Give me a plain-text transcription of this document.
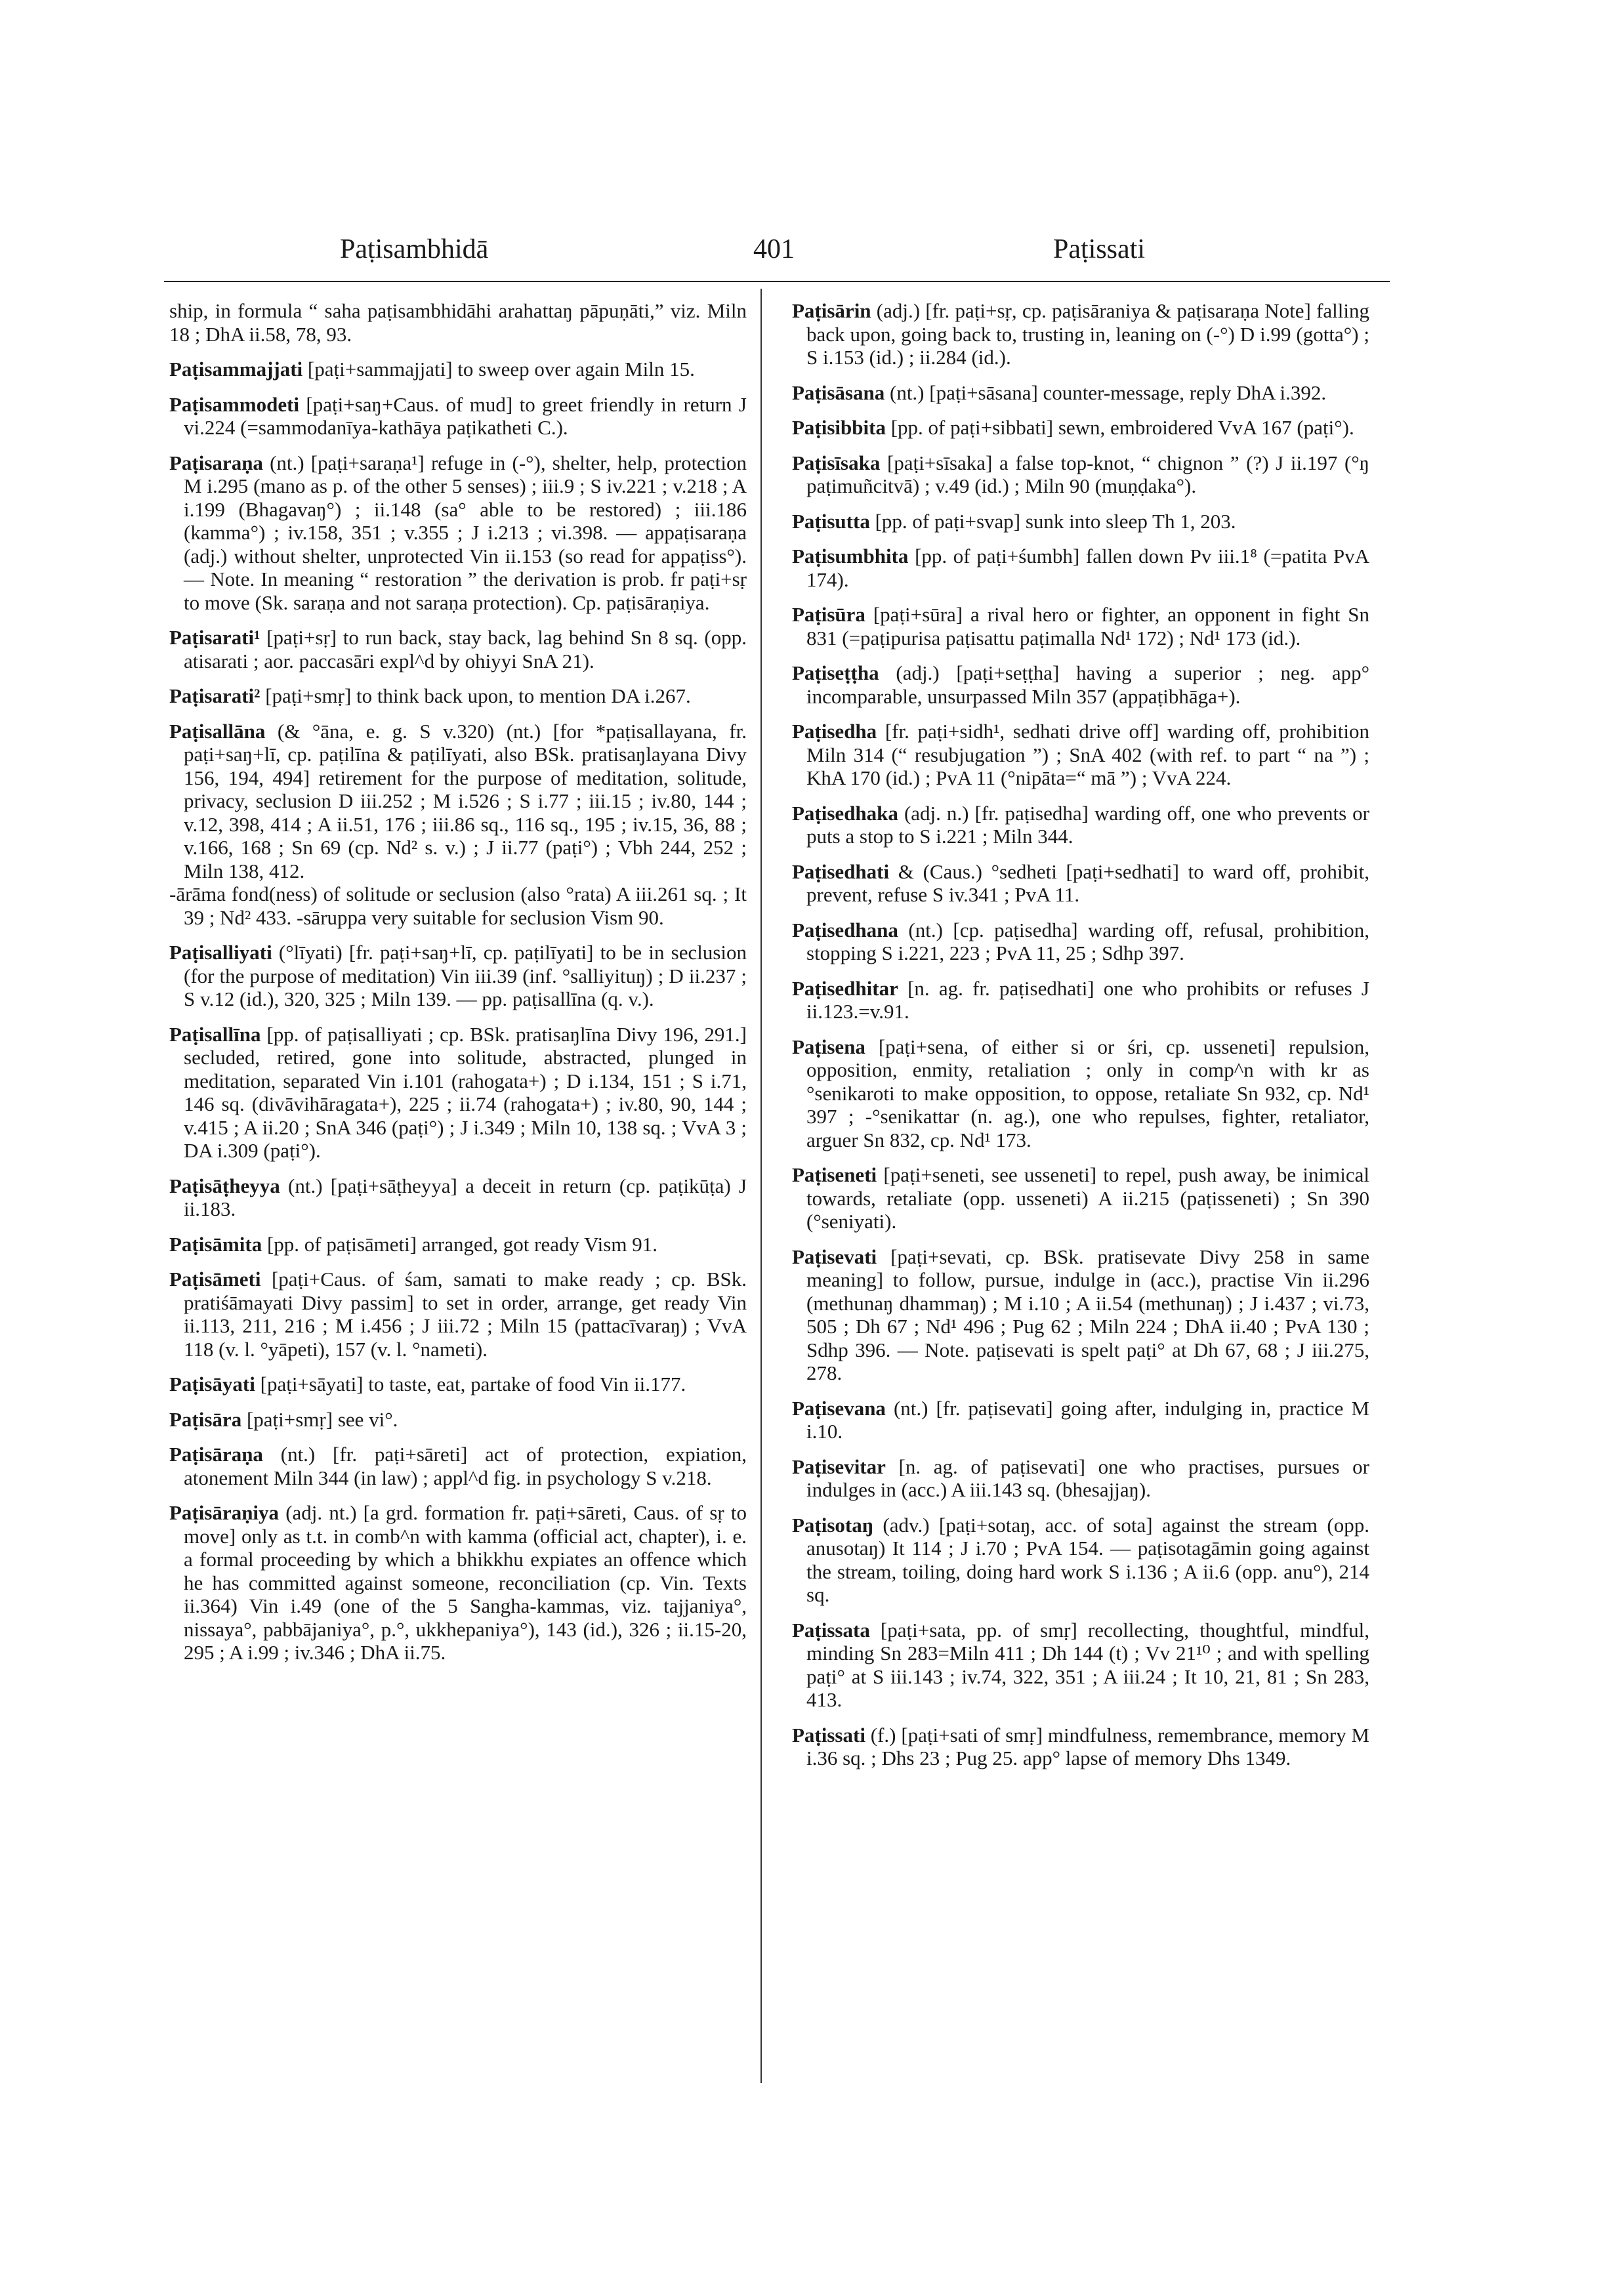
Paṭisambhidā	401	Paṭissati

ship, in formula “ saha paṭisambhidāhi arahattaŋ pāpuṇāti,” viz. Miln 18 ; DhA ii.58, 78, 93.

Paṭisammajjati [paṭi+sammajjati] to sweep over again Miln 15.

Paṭisammodeti [paṭi+saŋ+Caus. of mud] to greet friendly in return J vi.224 (=sammodanīya-kathāya paṭikatheti C.).

Paṭisaraṇa (nt.) [paṭi+saraṇa¹] refuge in (-°), shelter, help, protection M i.295 (mano as p. of the other 5 senses) ; iii.9 ; S iv.221 ; v.218 ; A i.199 (Bhagavaŋ°) ; ii.148 (sa° able to be restored) ; iii.186 (kamma°) ; iv.158, 351 ; v.355 ; J i.213 ; vi.398. — appaṭisaraṇa (adj.) without shelter, unprotected Vin ii.153 (so read for appaṭiss°). — Note. In meaning “ restoration ” the derivation is prob. fr paṭi+sṛ to move (Sk. saraṇa and not saraṇa protection). Cp. paṭisāraṇiya.

Paṭisarati¹ [paṭi+sṛ] to run back, stay back, lag behind Sn 8 sq. (opp. atisarati ; aor. paccasāri expl^d by ohiyyi SnA 21).

Paṭisarati² [paṭi+smṛ] to think back upon, to mention DA i.267.

Paṭisallāna (& °āna, e. g. S v.320) (nt.) [for *paṭisallayana, fr. paṭi+saŋ+lī, cp. paṭilīna & paṭilīyati, also BSk. pratisaŋlayana Divy 156, 194, 494] retirement for the purpose of meditation, solitude, privacy, seclusion D iii.252 ; M i.526 ; S i.77 ; iii.15 ; iv.80, 144 ; v.12, 398, 414 ; A ii.51, 176 ; iii.86 sq., 116 sq., 195 ; iv.15, 36, 88 ; v.166, 168 ; Sn 69 (cp. Nd² s. v.) ; J ii.77 (paṭi°) ; Vbh 244, 252 ; Miln 138, 412.
-ārāma fond(ness) of solitude or seclusion (also °rata) A iii.261 sq. ; It 39 ; Nd² 433. -sāruppa very suitable for seclusion Vism 90.

Paṭisalliyati (°līyati) [fr. paṭi+saŋ+lī, cp. paṭilīyati] to be in seclusion (for the purpose of meditation) Vin iii.39 (inf. °salliyituŋ) ; D ii.237 ; S v.12 (id.), 320, 325 ; Miln 139. — pp. paṭisallīna (q. v.).

Paṭisallīna [pp. of paṭisalliyati ; cp. BSk. pratisaŋlīna Divy 196, 291.] secluded, retired, gone into solitude, abstracted, plunged in meditation, separated Vin i.101 (rahogata+) ; D i.134, 151 ; S i.71, 146 sq. (divāvihāragata+), 225 ; ii.74 (rahogata+) ; iv.80, 90, 144 ; v.415 ; A ii.20 ; SnA 346 (paṭi°) ; J i.349 ; Miln 10, 138 sq. ; VvA 3 ; DA i.309 (paṭi°).

Paṭisāṭheyya (nt.) [paṭi+sāṭheyya] a deceit in return (cp. paṭikūṭa) J ii.183.

Paṭisāmita [pp. of paṭisāmeti] arranged, got ready Vism 91.

Paṭisāmeti [paṭi+Caus. of śam, samati to make ready ; cp. BSk. pratiśāmayati Divy passim] to set in order, arrange, get ready Vin ii.113, 211, 216 ; M i.456 ; J iii.72 ; Miln 15 (pattacīvaraŋ) ; VvA 118 (v. l. °yāpeti), 157 (v. l. °nameti).

Paṭisāyati [paṭi+sāyati] to taste, eat, partake of food Vin ii.177.

Paṭisāra [paṭi+smṛ] see vi°.

Paṭisāraṇa (nt.) [fr. paṭi+sāreti] act of protection, expiation, atonement Miln 344 (in law) ; appl^d fig. in psychology S v.218.

Paṭisāraṇiya (adj. nt.) [a grd. formation fr. paṭi+sāreti, Caus. of sṛ to move] only as t.t. in comb^n with kamma (official act, chapter), i. e. a formal proceeding by which a bhikkhu expiates an offence which he has committed against someone, reconciliation (cp. Vin. Texts ii.364) Vin i.49 (one of the 5 Sangha-kammas, viz. tajjaniya°, nissaya°, pabbājaniya°, p.°, ukkhepaniya°), 143 (id.), 326 ; ii.15-20, 295 ; A i.99 ; iv.346 ; DhA ii.75.

Paṭisārin (adj.) [fr. paṭi+sṛ, cp. paṭisāraniya & paṭisaraṇa Note] falling back upon, going back to, trusting in, leaning on (-°) D i.99 (gotta°) ; S i.153 (id.) ; ii.284 (id.).

Paṭisāsana (nt.) [paṭi+sāsana] counter-message, reply DhA i.392.

Paṭisibbita [pp. of paṭi+sibbati] sewn, embroidered VvA 167 (paṭi°).

Paṭisīsaka [paṭi+sīsaka] a false top-knot, “ chignon ” (?) J ii.197 (°ŋ paṭimuñcitvā) ; v.49 (id.) ; Miln 90 (muṇḍaka°).

Paṭisutta [pp. of paṭi+svap] sunk into sleep Th 1, 203.

Paṭisumbhita [pp. of paṭi+śumbh] fallen down Pv iii.1⁸ (=patita PvA 174).

Paṭisūra [paṭi+sūra] a rival hero or fighter, an opponent in fight Sn 831 (=paṭipurisa paṭisattu paṭimalla Nd¹ 172) ; Nd¹ 173 (id.).

Paṭiseṭṭha (adj.) [paṭi+seṭṭha] having a superior ; neg. app° incomparable, unsurpassed Miln 357 (appaṭibhāga+).

Paṭisedha [fr. paṭi+sidh¹, sedhati drive off] warding off, prohibition Miln 314 (“ resubjugation ”) ; SnA 402 (with ref. to part “ na ”) ; KhA 170 (id.) ; PvA 11 (°nipāta=“ mā ”) ; VvA 224.

Paṭisedhaka (adj. n.) [fr. paṭisedha] warding off, one who prevents or puts a stop to S i.221 ; Miln 344.

Paṭisedhati & (Caus.) °sedheti [paṭi+sedhati] to ward off, prohibit, prevent, refuse S iv.341 ; PvA 11.

Paṭisedhana (nt.) [cp. paṭisedha] warding off, refusal, prohibition, stopping S i.221, 223 ; PvA 11, 25 ; Sdhp 397.

Paṭisedhitar [n. ag. fr. paṭisedhati] one who prohibits or refuses J ii.123.=v.91.

Paṭisena [paṭi+sena, of either si or śri, cp. usseneti] repulsion, opposition, enmity, retaliation ; only in comp^n with kr as °senikaroti to make opposition, to oppose, retaliate Sn 932, cp. Nd¹ 397 ; -°senikattar (n. ag.), one who repulses, fighter, retaliator, arguer Sn 832, cp. Nd¹ 173.

Paṭiseneti [paṭi+seneti, see usseneti] to repel, push away, be inimical towards, retaliate (opp. usseneti) A ii.215 (paṭisseneti) ; Sn 390 (°seniyati).

Paṭisevati [paṭi+sevati, cp. BSk. pratisevate Divy 258 in same meaning] to follow, pursue, indulge in (acc.), practise Vin ii.296 (methunaŋ dhammaŋ) ; M i.10 ; A ii.54 (methunaŋ) ; J i.437 ; vi.73, 505 ; Dh 67 ; Nd¹ 496 ; Pug 62 ; Miln 224 ; DhA ii.40 ; PvA 130 ; Sdhp 396. — Note. paṭisevati is spelt paṭi° at Dh 67, 68 ; J iii.275, 278.

Paṭisevana (nt.) [fr. paṭisevati] going after, indulging in, practice M i.10.

Paṭisevitar [n. ag. of paṭisevati] one who practises, pursues or indulges in (acc.) A iii.143 sq. (bhesajjaŋ).

Paṭisotaŋ (adv.) [paṭi+sotaŋ, acc. of sota] against the stream (opp. anusotaŋ) It 114 ; J i.70 ; PvA 154. — paṭisotagāmin going against the stream, toiling, doing hard work S i.136 ; A ii.6 (opp. anu°), 214 sq.

Paṭissata [paṭi+sata, pp. of smṛ] recollecting, thoughtful, mindful, minding Sn 283=Miln 411 ; Dh 144 (t) ; Vv 21¹⁰ ; and with spelling paṭi° at S iii.143 ; iv.74, 322, 351 ; A iii.24 ; It 10, 21, 81 ; Sn 283, 413.

Paṭissati (f.) [paṭi+sati of smṛ] mindfulness, remembrance, memory M i.36 sq. ; Dhs 23 ; Pug 25. app° lapse of memory Dhs 1349.
